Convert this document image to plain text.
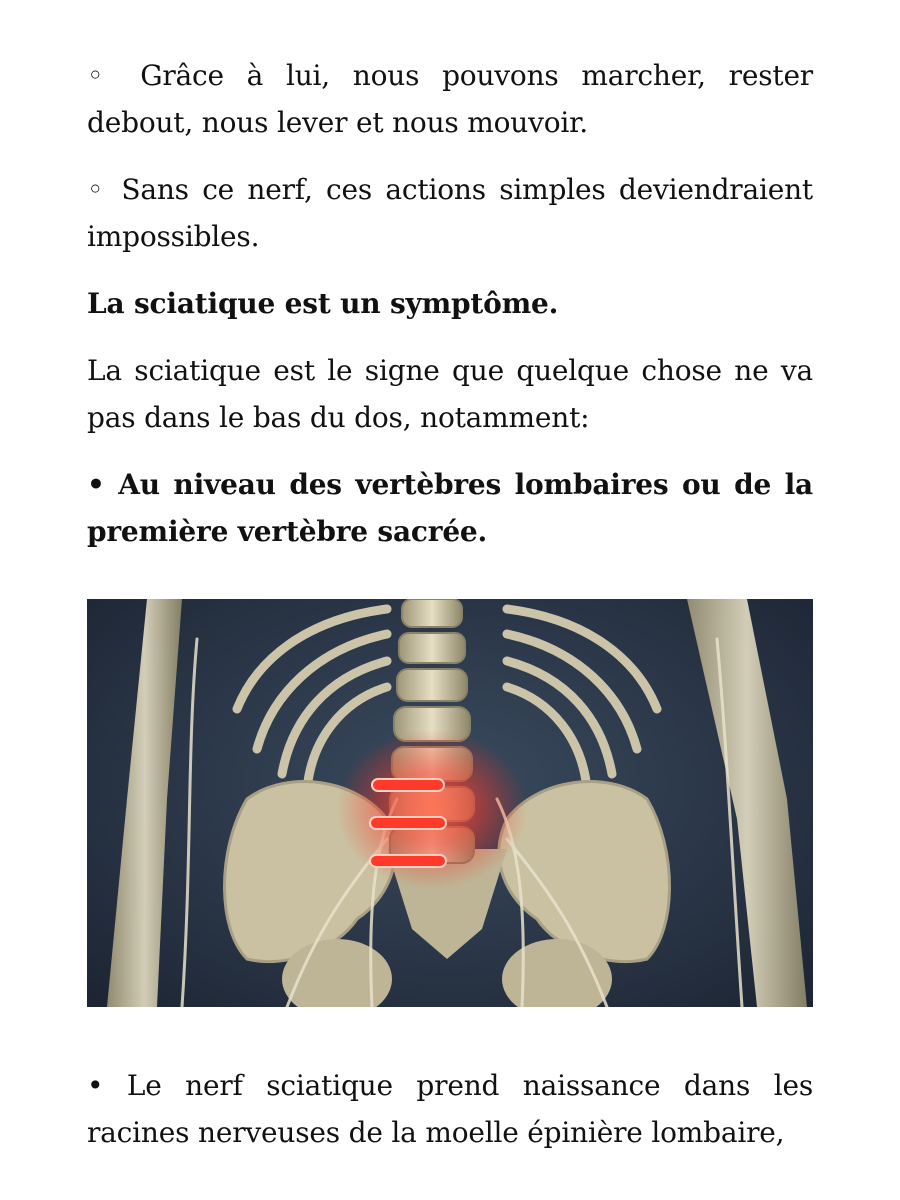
◦ Grâce à lui, nous pouvons marcher, rester debout, nous lever et nous mouvoir.

◦ Sans ce nerf, ces actions simples deviendraient impossibles.

La sciatique est un symptôme.

La sciatique est le signe que quelque chose ne va pas dans le bas du dos, notamment:

• Au niveau des vertèbres lombaires ou de la première vertèbre sacrée.

• Le nerf sciatique prend naissance dans les racines nerveuses de la moelle épinière lombaire,
